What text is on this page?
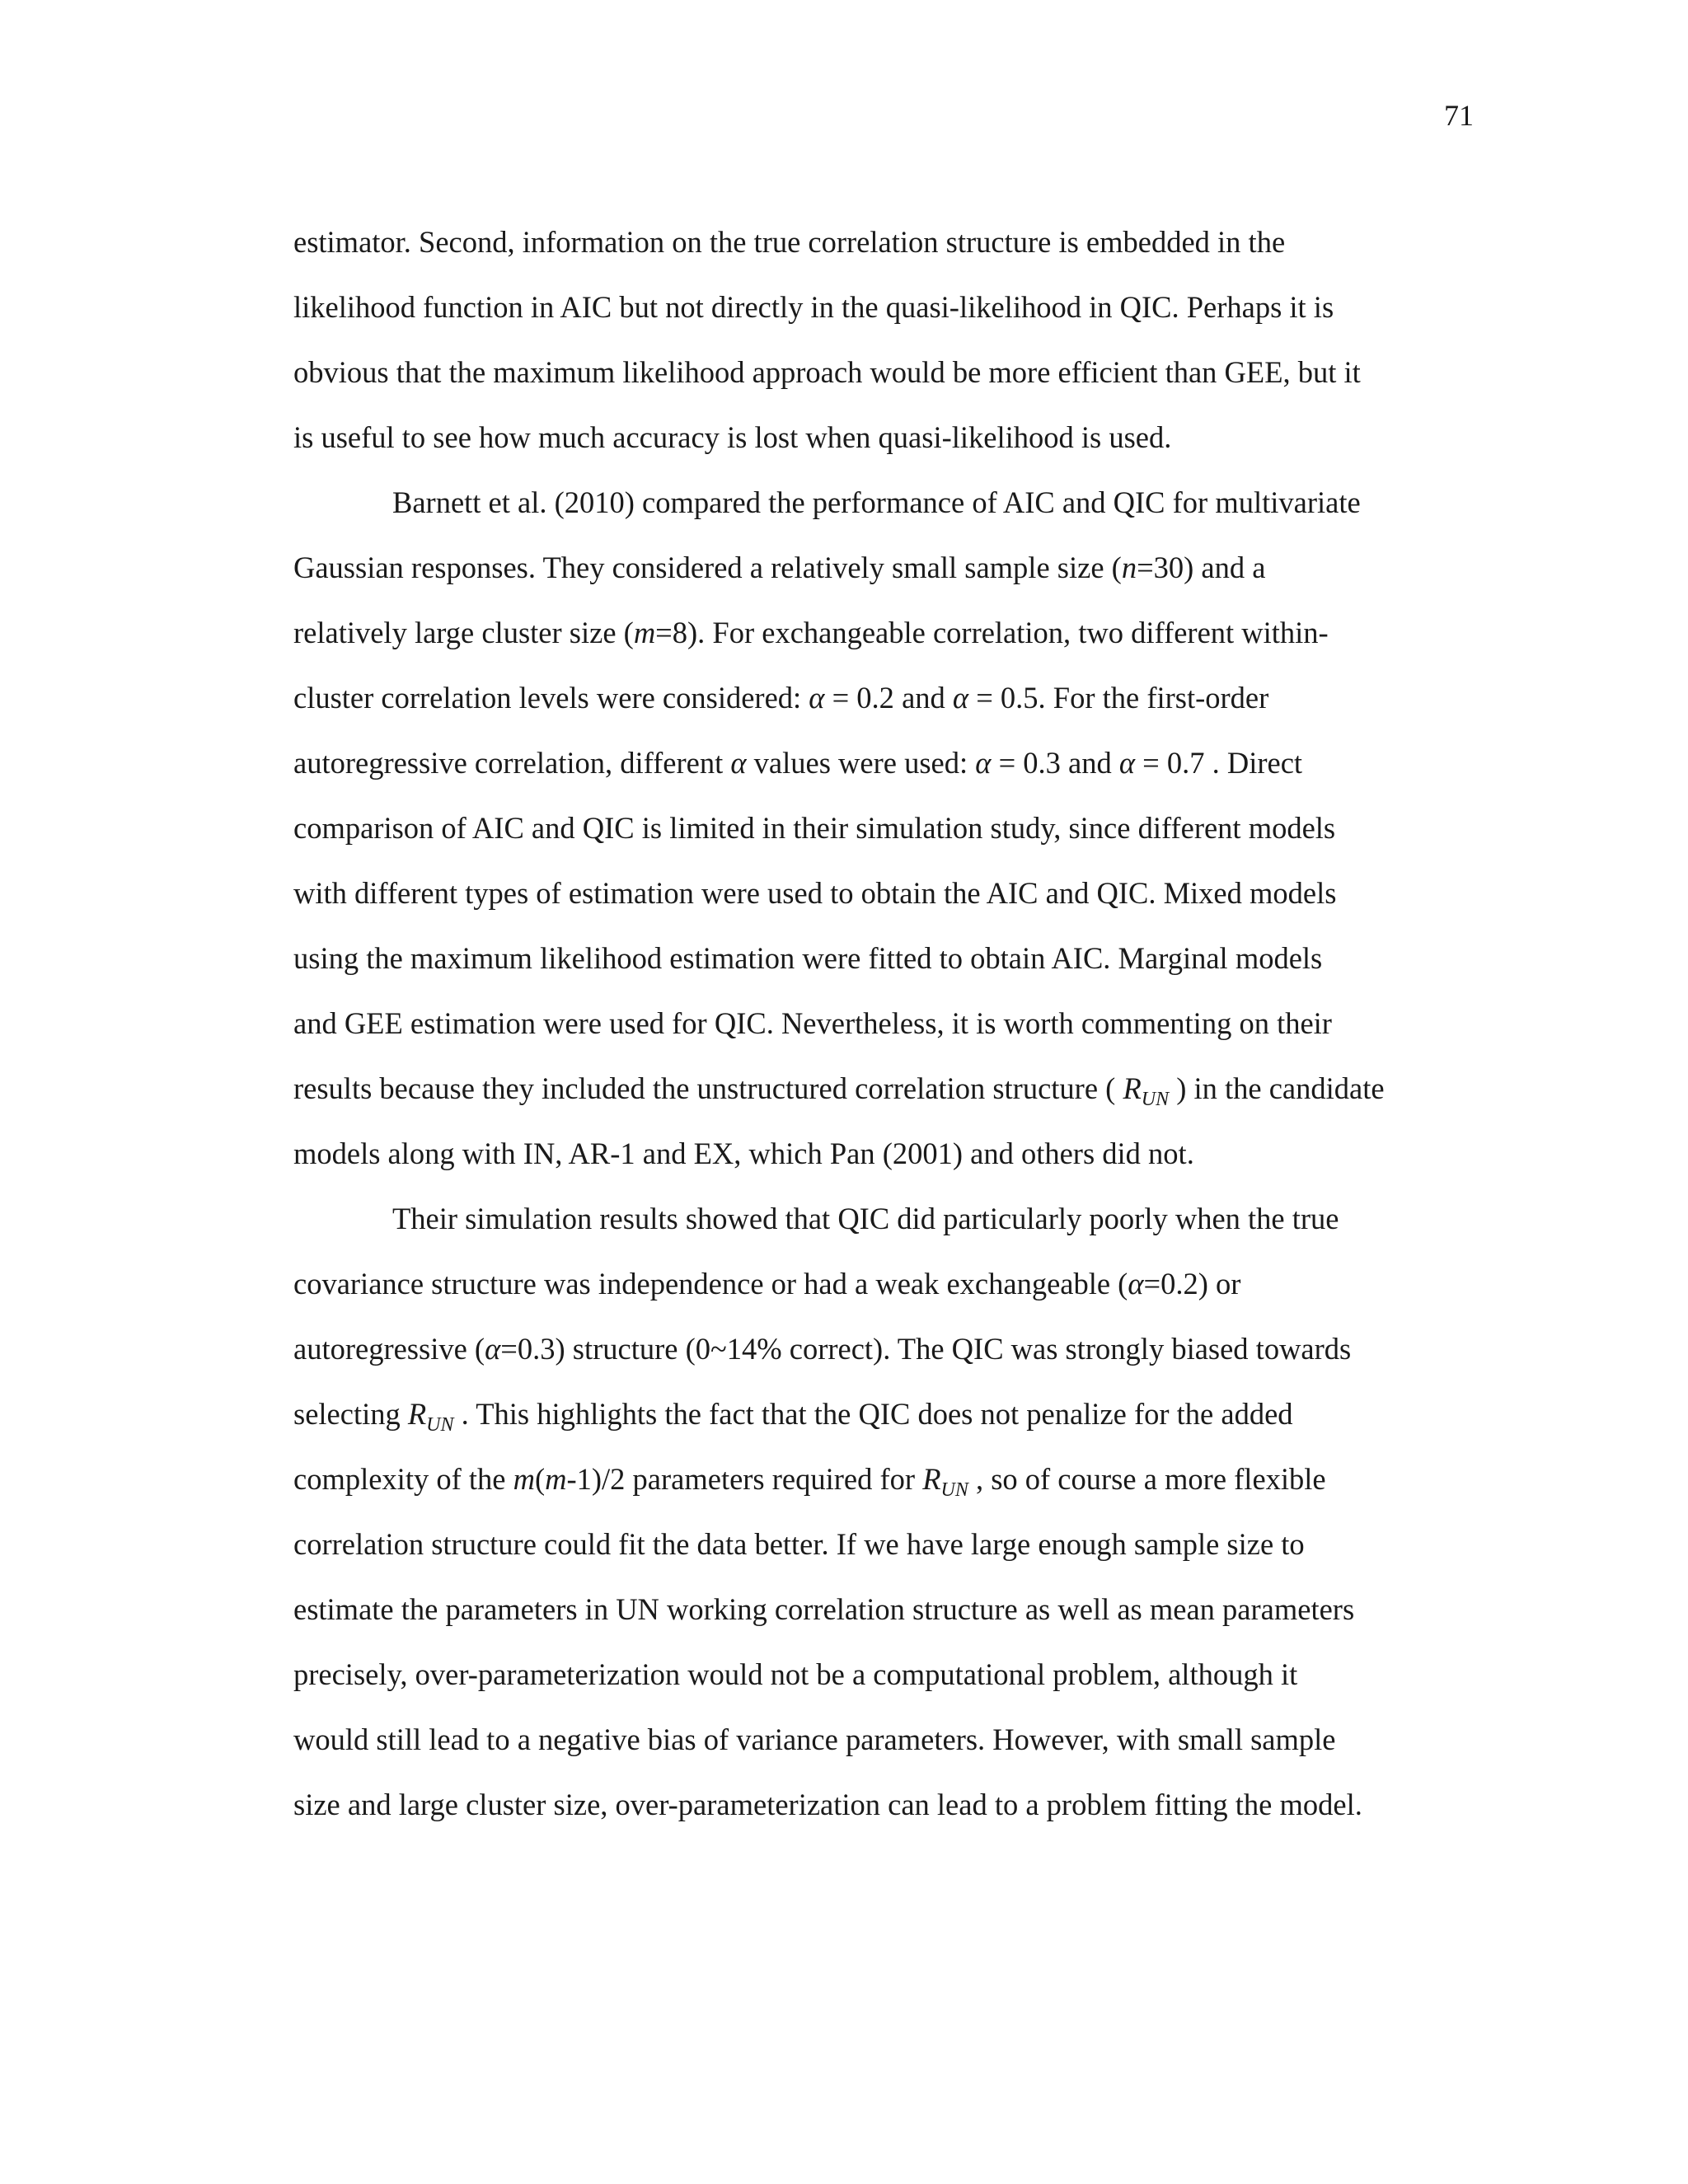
71
estimator. Second, information on the true correlation structure is embedded in the
likelihood function in AIC but not directly in the quasi-likelihood in QIC. Perhaps it is
obvious that the maximum likelihood approach would be more efficient than GEE, but it
is useful to see how much accuracy is lost when quasi-likelihood is used.
Barnett et al. (2010) compared the performance of AIC and QIC for multivariate
Gaussian responses. They considered a relatively small sample size (n=30) and a
relatively large cluster size (m=8). For exchangeable correlation, two different within-
cluster correlation levels were considered: α = 0.2 and α = 0.5. For the first-order
autoregressive correlation, different α values were used: α = 0.3 and α = 0.7 . Direct
comparison of AIC and QIC is limited in their simulation study, since different models
with different types of estimation were used to obtain the AIC and QIC. Mixed models
using the maximum likelihood estimation were fitted to obtain AIC. Marginal models
and GEE estimation were used for QIC. Nevertheless, it is worth commenting on their
results because they included the unstructured correlation structure ( $R_{UN}$ ) in the candidate
models along with IN, AR-1 and EX, which Pan (2001) and others did not.
Their simulation results showed that QIC did particularly poorly when the true
covariance structure was independence or had a weak exchangeable (α=0.2) or
autoregressive (α=0.3) structure (0~14% correct). The QIC was strongly biased towards
selecting $R_{UN}$ . This highlights the fact that the QIC does not penalize for the added
complexity of the m(m-1)/2 parameters required for $R_{UN}$ , so of course a more flexible
correlation structure could fit the data better. If we have large enough sample size to
estimate the parameters in UN working correlation structure as well as mean parameters
precisely, over-parameterization would not be a computational problem, although it
would still lead to a negative bias of variance parameters. However, with small sample
size and large cluster size, over-parameterization can lead to a problem fitting the model.
